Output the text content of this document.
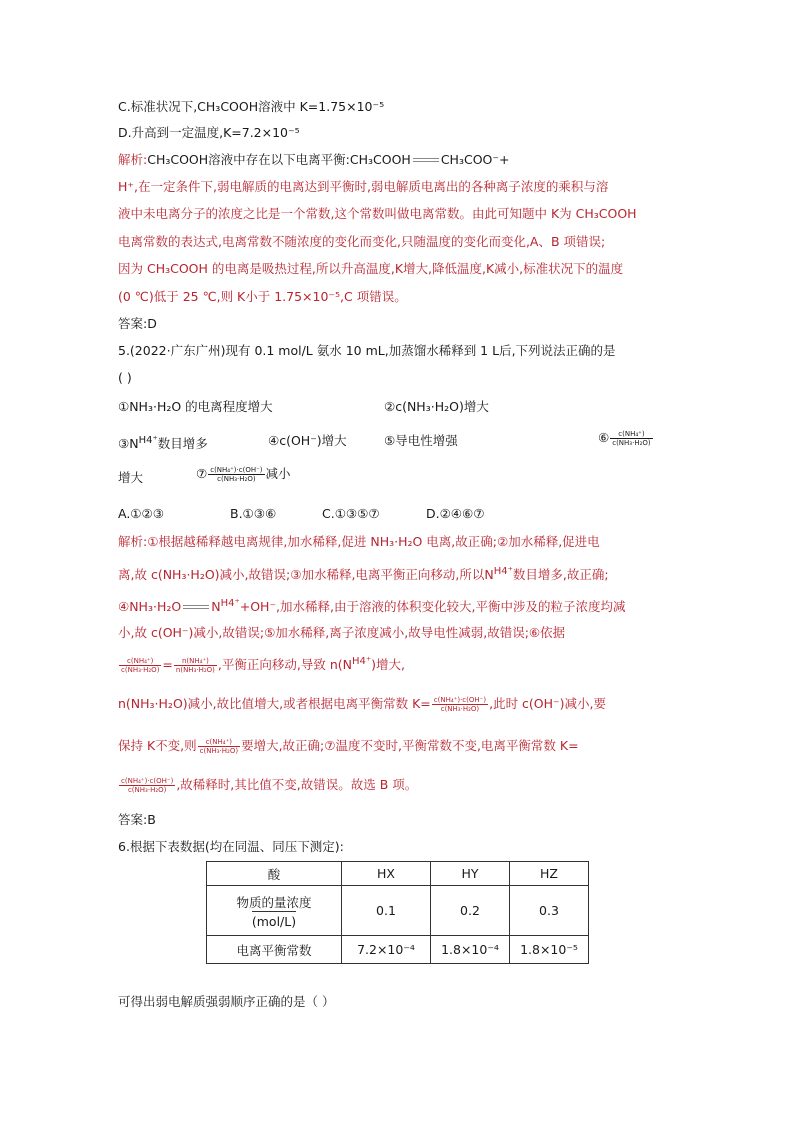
C.标准状况下,CH₃COOH溶液中 K=1.75×10⁻⁵
D.升高到一定温度,K=7.2×10⁻⁵
解析:CH₃COOH溶液中存在以下电离平衡:CH₃COOH CH₃COO⁻+
H⁺,在一定条件下,弱电解质的电离达到平衡时,弱电解质电离出的各种离子浓度的乘积与溶
液中未电离分子的浓度之比是一个常数,这个常数叫做电离常数。由此可知题中 K为 CH₃COOH
电离常数的表达式,电离常数不随浓度的变化而变化,只随温度的变化而变化,A、B 项错误;
因为 CH₃COOH 的电离是吸热过程,所以升高温度,K增大,降低温度,K减小,标准状况下的温度
(0 ℃)低于 25 ℃,则 K小于 1.75×10⁻⁵,C 项错误。
答案:D
5.(2022·广东广州)现有 0.1 mol/L 氨水 10 mL,加蒸馏水稀释到 1 L后,下列说法正确的是
( )
①NH₃·H₂O 的电离程度增大	②c(NH₃·H₂O)增大
$③N^{H4^+}$数目增多	④c(OH⁻)增大	⑤导电性增强	⑥ $\frac{\text{c(NH₄⁺)}}{\text{c(NH₃·H₂O)}}$
增大	⑦ $\frac{\text{c(NH₄⁺)·c(OH⁻)}}{\text{c(NH₃·H₂O)}}$ 减小
A.①②③	B.①③⑥	C.①③⑤⑦	D.②④⑥⑦
解析:①根据越稀释越电离规律,加水稀释,促进 NH₃·H₂O 电离,故正确;②加水稀释,促进电
离,故 c(NH₃·H₂O)减小,故错误;③加水稀释,电离平衡正向移动,所以$N^{H4^+}$数目增多,故正确;
④NH₃·H₂O $N^{H4^+}+OH^-$,加水稀释,由于溶液的体积变化较大,平衡中涉及的粒子浓度均减
小,故 c(OH⁻)减小,故错误;⑤加水稀释,离子浓度减小,故导电性减弱,故错误;⑥依据
$\frac{\text{c(NH₄⁺)}}{\text{c(NH₃·H₂O)}} = \frac{\text{n(NH₄⁺)}}{\text{n(NH₃·H₂O)}}$ ,平衡正向移动,导致 $n(N^{H4^+})$增大,
n(NH₃·H₂O)减小,故比值增大,或者根据电离平衡常数 $K= \frac{\text{c(NH₄⁺)·c(OH⁻)}}{\text{c(NH₃·H₂O)}}$ ,此时 c(OH⁻)减小,要
保持 K不变,则 $\frac{\text{c(NH₄⁺)}}{\text{c(NH₃·H₂O)}}$ 要增大,故正确;⑦温度不变时,平衡常数不变,电离平衡常数 K=
$\frac{\text{c(NH₄⁺)·c(OH⁻)}}{\text{c(NH₃·H₂O)}}$ ,故稀释时,其比值不变,故错误。故选 B 项。
答案:B
6.根据下表数据(均在同温、同压下测定):
酸	HX	HY	HZ

物质的量浓度
(mol/L)	0.1	0.2	0.3
电离平衡常数	7.2×10⁻⁴	1.8×10⁻⁴	1.8×10⁻⁵
可得出弱电解质强弱顺序正确的是（ ）
